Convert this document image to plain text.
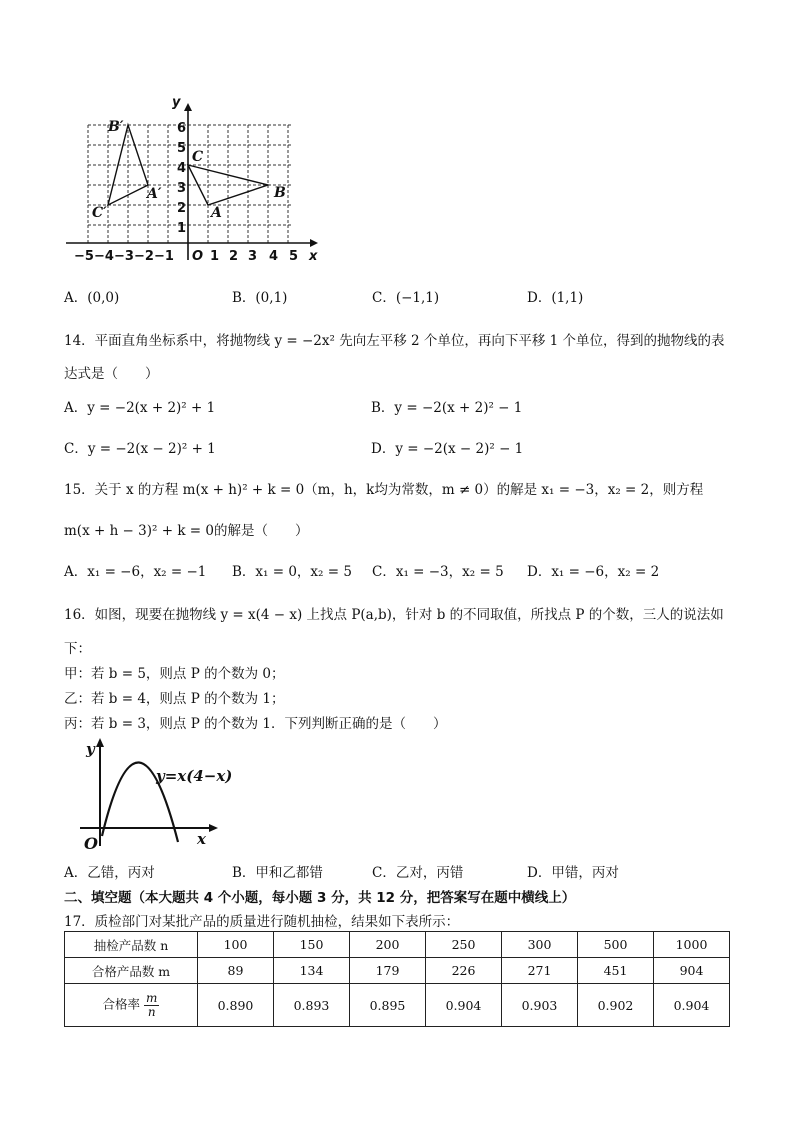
−5 −4 −3 −2 −1 O 1 2 3 4 5 x
y
6
5
4
3
2
1
B′
A′
C′
C
B
A
A．(0,0)	B．(0,1)	C．(−1,1)	D．(1,1)
14．平面直角坐标系中，将抛物线 y = −2x² 先向左平移 2 个单位，再向下平移 1 个单位，得到的抛物线的表
达式是（　　）
A．y = −2(x + 2)² + 1	B．y = −2(x + 2)² − 1
C．y = −2(x − 2)² + 1	D．y = −2(x − 2)² − 1
15．关于 x 的方程 m(x + h)² + k = 0（m，h，k均为常数，m ≠ 0）的解是 x₁ = −3，x₂ = 2，则方程
m(x + h − 3)² + k = 0的解是（　　）
A．x₁ = −6，x₂ = −1 B．x₁ = 0，x₂ = 5 C．x₁ = −3，x₂ = 5 D．x₁ = −6，x₂ = 2
16．如图，现要在抛物线 y = x(4 − x) 上找点 P(a,b)，针对 b 的不同取值，所找点 P 的个数，三人的说法如
下：
甲：若 b = 5，则点 P 的个数为 0；
乙：若 b = 4，则点 P 的个数为 1；
丙：若 b = 3，则点 P 的个数为 1．下列判断正确的是（　　）
y
y=x(4−x)
O	x
A．乙错，丙对	B．甲和乙都错	C．乙对，丙错	D．甲错，丙对
二、填空题（本大题共 4 个小题，每小题 3 分，共 12 分，把答案写在题中横线上）
17．质检部门对某批产品的质量进行随机抽检，结果如下表所示：
抽检产品数 n	100	150	200	250	300	500	1000
合格产品数 m	89	134	179	226	271	451	904
合格率 $\frac{m}{n}$	0.890	0.893	0.895	0.904	0.903	0.902	0.904
